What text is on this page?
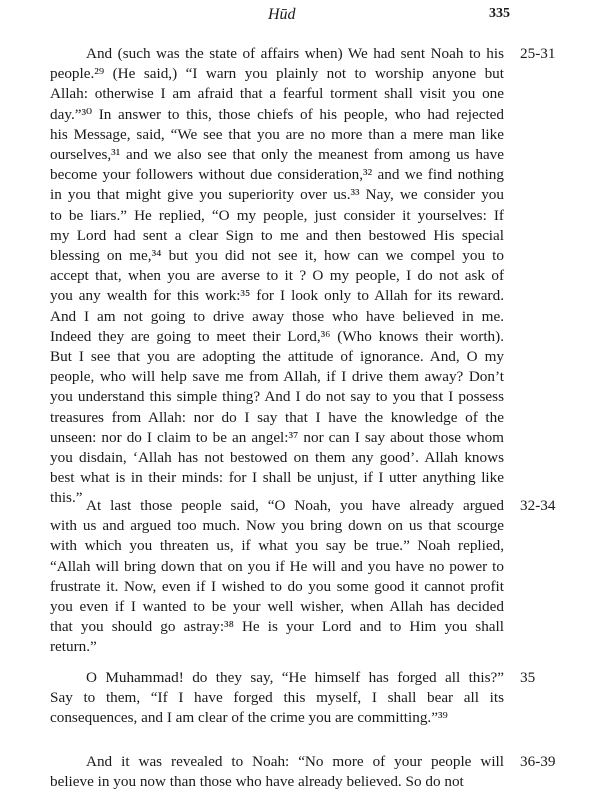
Hūd	335
25-31
And (such was the state of affairs when) We had sent Noah to his
people.²⁹ (He said,) “I warn you plainly not to worship anyone but
Allah: otherwise I am afraid that a fearful torment shall visit you one
day.”³⁰ In answer to this, those chiefs of his people, who had rejected
his Message, said, “We see that you are no more than a mere man like
ourselves,³¹ and we also see that only the meanest from among us have
become your followers without due consideration,³² and we find nothing
in you that might give you superiority over us.³³ Nay, we consider you
to be liars.” He replied, “O my people, just consider it yourselves: If
my Lord had sent a clear Sign to me and then bestowed His special
blessing on me,³⁴ but you did not see it, how can we compel you to
accept that, when you are averse to it ? O my people, I do not ask of
you any wealth for this work:³⁵ for I look only to Allah for its reward.
And I am not going to drive away those who have believed in me.
Indeed they are going to meet their Lord,³⁶ (Who knows their worth).
But I see that you are adopting the attitude of ignorance. And, O my
people, who will help save me from Allah, if I drive them away? Don’t
you understand this simple thing? And I do not say to you that I possess
treasures from Allah: nor do I say that I have the knowledge of the
unseen: nor do I claim to be an angel:³⁷ nor can I say about those whom
you disdain, ‘Allah has not bestowed on them any good’. Allah knows
best what is in their minds: for I shall be unjust, if I utter anything like
this.”	32-34
At last those people said, “O Noah, you have already argued
with us and argued too much. Now you bring down on us that scourge
with which you threaten us, if what you say be true.” Noah replied,
“Allah will bring down that on you if He will and you have no power to
frustrate it. Now, even if I wished to do you some good it cannot profit
you even if I wanted to be your well wisher, when Allah has decided
that you should go astray:³⁸ He is your Lord and to Him you shall
return.”
35
O Muhammad! do they say, “He himself has forged all this?”
Say to them, “If I have forged this myself, I shall bear all its
consequences, and I am clear of the crime you are committing.”³⁹
36-39
And it was revealed to Noah: “No more of your people will
believe in you now than those who have already believed. So do not
